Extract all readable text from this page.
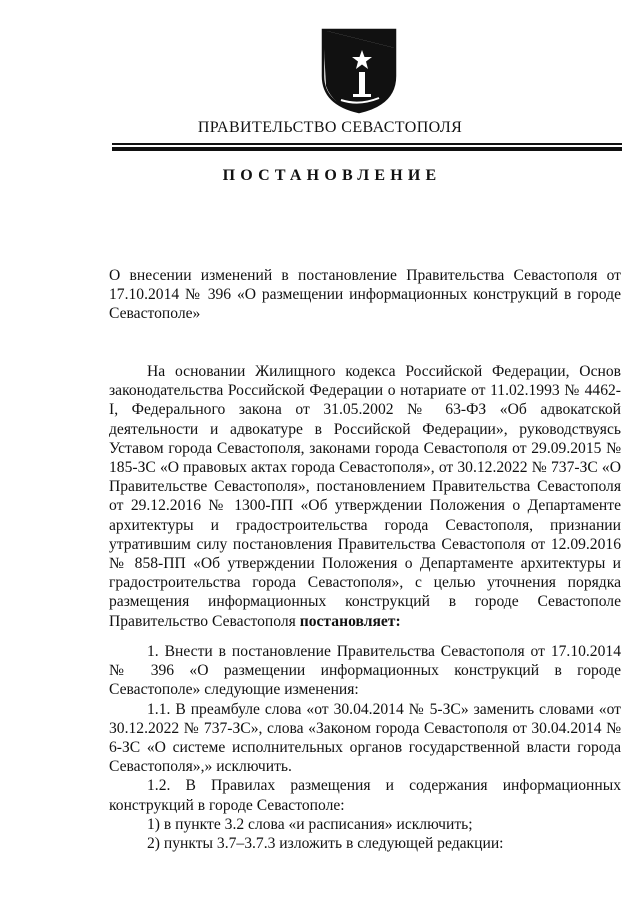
ПРАВИТЕЛЬСТВО СЕВАСТОПОЛЯ
ПОСТАНОВЛЕНИЕ

О внесении изменений в постановление Правительства Севастополя от 17.10.2014 № 396 «О размещении информационных конструкций в городе Севастополе»

На основании Жилищного кодекса Российской Федерации, Основ законодательства Российской Федерации о нотариате от 11.02.1993 № 4462-I, Федерального закона от 31.05.2002 № 63-ФЗ «Об адвокатской деятельности и адвокатуре в Российской Федерации», руководствуясь Уставом города Севастополя, законами города Севастополя от 29.09.2015 № 185-ЗС «О правовых актах города Севастополя», от 30.12.2022 № 737-ЗС «О Правительстве Севастополя», постановлением Правительства Севастополя от 29.12.2016 № 1300-ПП «Об утверждении Положения о Департаменте архитектуры и градостроительства города Севастополя, признании утратившим силу постановления Правительства Севастополя от 12.09.2016 № 858-ПП «Об утверждении Положения о Департаменте архитектуры и градостроительства города Севастополя», с целью уточнения порядка размещения информационных конструкций в городе Севастополе Правительство Севастополя постановляет:

1. Внести в постановление Правительства Севастополя от 17.10.2014 № 396 «О размещении информационных конструкций в городе Севастополе» следующие изменения:

1.1. В преамбуле слова «от 30.04.2014 № 5-ЗС» заменить словами «от 30.12.2022 № 737-ЗС», слова «Законом города Севастополя от 30.04.2014 № 6-ЗС «О системе исполнительных органов государственной власти города Севастополя»,» исключить.

1.2. В Правилах размещения и содержания информационных конструкций в городе Севастополе:

1) в пункте 3.2 слова «и расписания» исключить;

2) пункты 3.7–3.7.3 изложить в следующей редакции:
